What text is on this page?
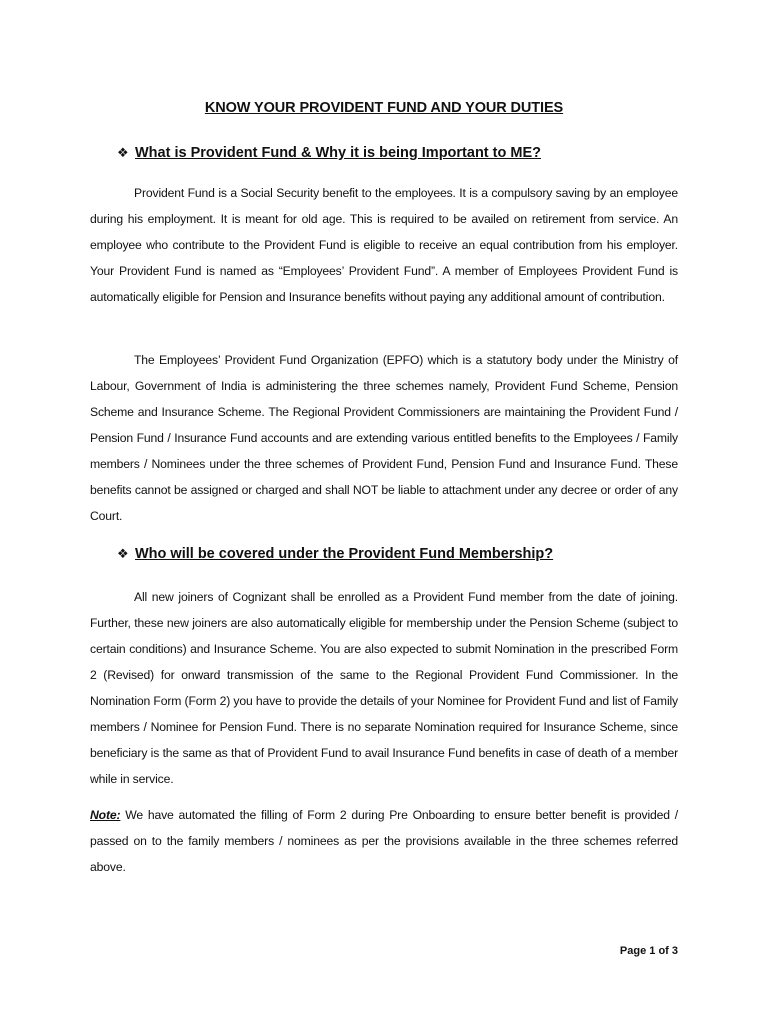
KNOW YOUR PROVIDENT FUND AND YOUR DUTIES
❖ What is Provident Fund & Why it is being Important to ME?

Provident Fund is a Social Security benefit to the employees. It is a compulsory saving by an employee during his employment. It is meant for old age. This is required to be availed on retirement from service. An employee who contribute to the Provident Fund is eligible to receive an equal contribution from his employer. Your Provident Fund is named as “Employees’ Provident Fund”. A member of Employees Provident Fund is automatically eligible for Pension and Insurance benefits without paying any additional amount of contribution.

The Employees’ Provident Fund Organization (EPFO) which is a statutory body under the Ministry of Labour, Government of India is administering the three schemes namely, Provident Fund Scheme, Pension Scheme and Insurance Scheme. The Regional Provident Commissioners are maintaining the Provident Fund / Pension Fund / Insurance Fund accounts and are extending various entitled benefits to the Employees / Family members / Nominees under the three schemes of Provident Fund, Pension Fund and Insurance Fund. These benefits cannot be assigned or charged and shall NOT be liable to attachment under any decree or order of any Court.

❖ Who will be covered under the Provident Fund Membership?

All new joiners of Cognizant shall be enrolled as a Provident Fund member from the date of joining. Further, these new joiners are also automatically eligible for membership under the Pension Scheme (subject to certain conditions) and Insurance Scheme. You are also expected to submit Nomination in the prescribed Form 2 (Revised) for onward transmission of the same to the Regional Provident Fund Commissioner. In the Nomination Form (Form 2) you have to provide the details of your Nominee for Provident Fund and list of Family members / Nominee for Pension Fund. There is no separate Nomination required for Insurance Scheme, since beneficiary is the same as that of Provident Fund to avail Insurance Fund benefits in case of death of a member while in service.

Note: We have automated the filling of Form 2 during Pre Onboarding to ensure better benefit is provided / passed on to the family members / nominees as per the provisions available in the three schemes referred above.

Page 1 of 3
